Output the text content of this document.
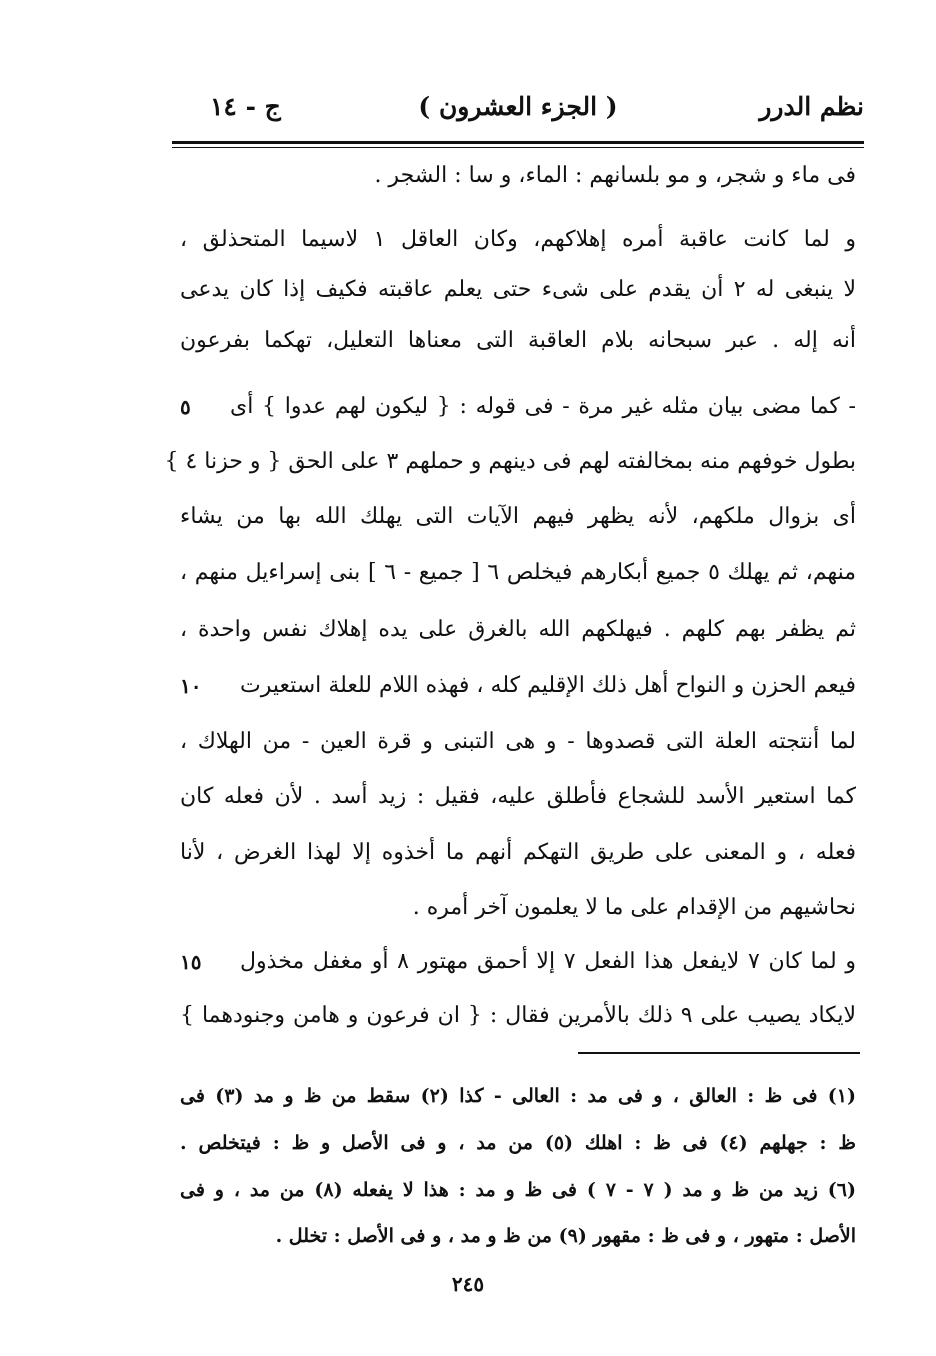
نظم الدرر
( الجزء العشرون )
ج - ١٤
فى ماء و شجر، و مو بلسانهم : الماء، و سا : الشجر .
و لما كانت عاقبة أمره إهلاكهم، وكان العاقل ١ لاسيما المتحذلق ،
لا ينبغى له ٢ أن يقدم على شىء حتى يعلم عاقبته فكيف إذا كان يدعى
أنه إله . عبر سبحانه بلام العاقبة التى معناها التعليل، تهكما بفرعون
- كما مضى بيان مثله غير مرة - فى قوله : { ليكون لهم عدوا } أى
بطول خوفهم منه بمخالفته لهم فى دينهم و حملهم ٣ على الحق { و حزنا ٤ }
أى بزوال ملكهم، لأنه يظهر فيهم الآيات التى يهلك الله بها من يشاء
منهم، ثم يهلك ٥ جميع أبكارهم فيخلص ٦ [ جميع - ٦ ] بنى إسراءيل منهم ،
ثم يظفر بهم كلهم . فيهلكهم الله بالغرق على يده إهلاك نفس واحدة ،
فيعم الحزن و النواح أهل ذلك الإقليم كله ، فهذه اللام للعلة استعيرت
لما أنتجته العلة التى قصدوها - و هى التبنى و قرة العين - من الهلاك ،
كما استعير الأسد للشجاع فأطلق عليه، فقيل : زيد أسد . لأن فعله كان
فعله ، و المعنى على طريق التهكم أنهم ما أخذوه إلا لهذا الغرض ، لأنا
نحاشيهم من الإقدام على ما لا يعلمون آخر أمره .
و لما كان ٧ لايفعل هذا الفعل ٧ إلا أحمق مهتور ٨ أو مغفل مخذول
لايكاد يصيب على ٩ ذلك بالأمرين فقال : { ان فرعون و هامن وجنودهما }
٥
١٠
١٥
(١) فى ظ : العالق ، و فى مد : العالى - كذا (٢) سقط من ظ و مد (٣) فى
ظ : جهلهم (٤) فى ظ : اهلك (٥) من مد ، و فى الأصل و ظ : فيتخلص .
(٦) زيد من ظ و مد ( ٧ - ٧ ) فى ظ و مد : هذا لا يفعله (٨) من مد ، و فى
الأصل : متهور ، و فى ظ : مقهور (٩) من ظ و مد ، و فى الأصل : تخلل .
٢٤٥
